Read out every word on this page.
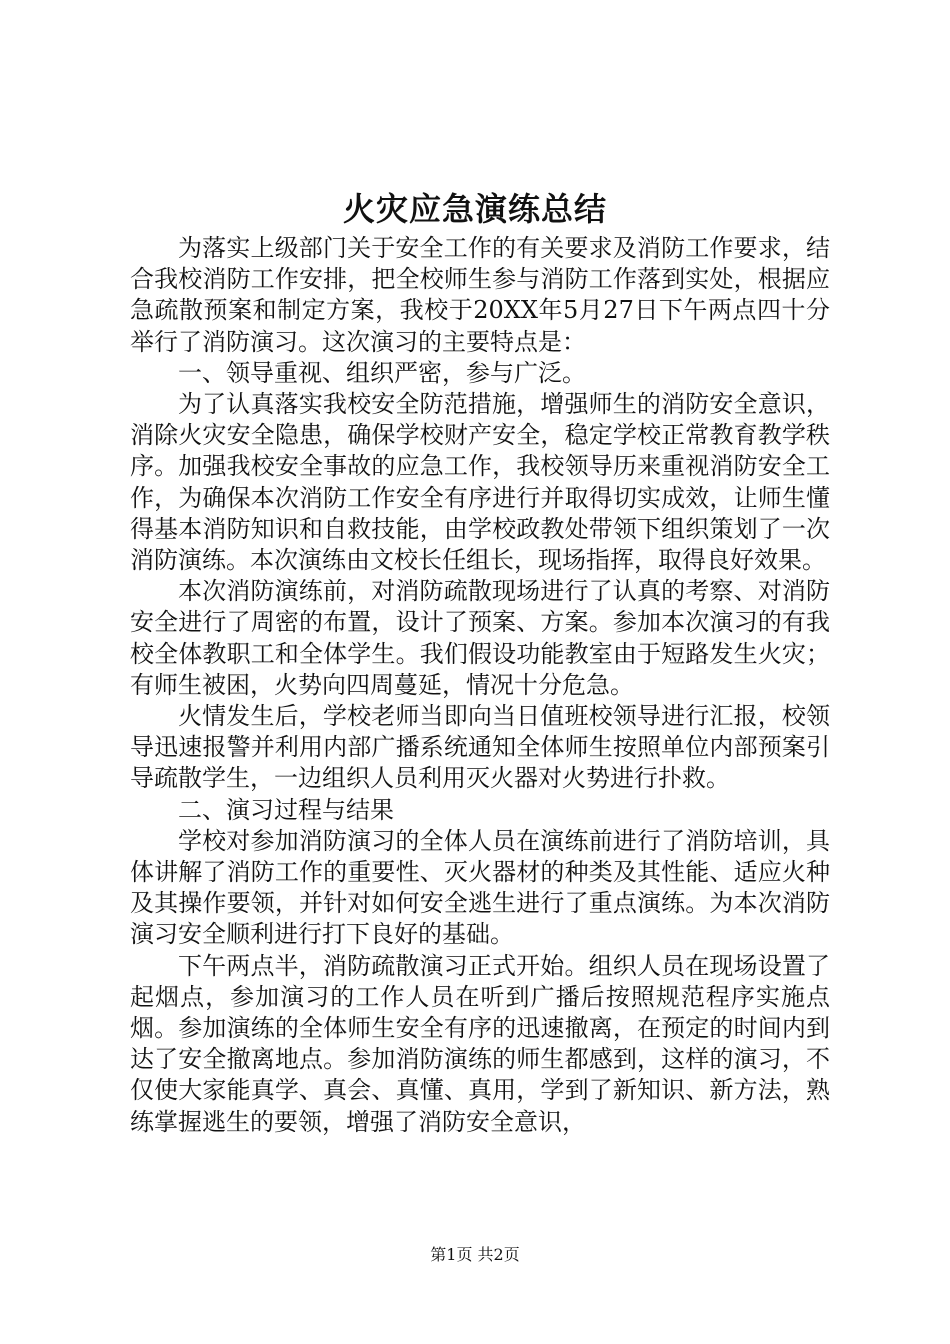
火灾应急演练总结

为落实上级部门关于安全工作的有关要求及消防工作要求，结合我校消防工作安排，把全校师生参与消防工作落到实处，根据应急疏散预案和制定方案，我校于20XX年5月27日下午两点四十分举行了消防演习。这次演习的主要特点是：

一、领导重视、组织严密，参与广泛。

为了认真落实我校安全防范措施，增强师生的消防安全意识，消除火灾安全隐患，确保学校财产安全，稳定学校正常教育教学秩序。加强我校安全事故的应急工作，我校领导历来重视消防安全工作，为确保本次消防工作安全有序进行并取得切实成效，让师生懂得基本消防知识和自救技能，由学校政教处带领下组织策划了一次消防演练。本次演练由文校长任组长，现场指挥，取得良好效果。

本次消防演练前，对消防疏散现场进行了认真的考察、对消防安全进行了周密的布置，设计了预案、方案。参加本次演习的有我校全体教职工和全体学生。我们假设功能教室由于短路发生火灾；有师生被困，火势向四周蔓延，情况十分危急。

火情发生后，学校老师当即向当日值班校领导进行汇报，校领导迅速报警并利用内部广播系统通知全体师生按照单位内部预案引导疏散学生，一边组织人员利用灭火器对火势进行扑救。

二、演习过程与结果

学校对参加消防演习的全体人员在演练前进行了消防培训，具体讲解了消防工作的重要性、灭火器材的种类及其性能、适应火种及其操作要领，并针对如何安全逃生进行了重点演练。为本次消防演习安全顺利进行打下良好的基础。

下午两点半，消防疏散演习正式开始。组织人员在现场设置了起烟点，参加演习的工作人员在听到广播后按照规范程序实施点烟。参加演练的全体师生安全有序的迅速撤离，在预定的时间内到达了安全撤离地点。参加消防演练的师生都感到，这样的演习，不仅使大家能真学、真会、真懂、真用，学到了新知识、新方法，熟练掌握逃生的要领，增强了消防安全意识，

第1页 共2页
